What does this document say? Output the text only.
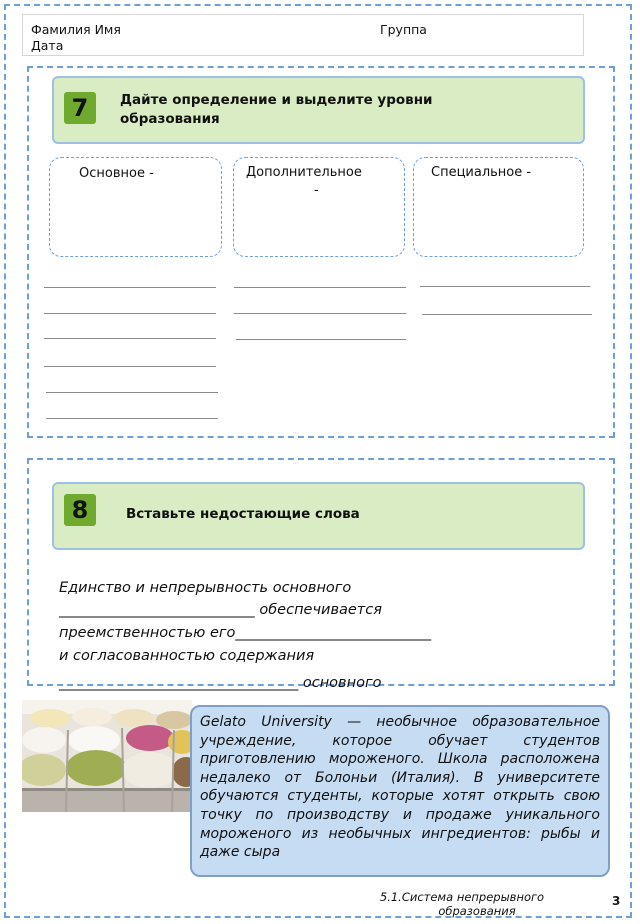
Фамилия Имя	Группа
Дата
7	Дайте определение и выделите уровни
образования
Основное -	Дополнительное
-
Специальное -
8	Вставьте недостающие слова
Единство и непрерывность основного
___________________________ обеспечивается
преемственностью его___________________________
и согласованностью содержания
_________________________________ основного
Gelato University — необычное образовательное учреждение, которое обучает студентов приготовлению мороженого. Школа расположена недалеко от Болоньи (Италия). В университете обучаются студенты, которые хотят открыть свою точку по производству и продаже уникального мороженого из необычных ингредиентов: рыбы и даже сыра
5.1.Система непрерывного
образования
3
